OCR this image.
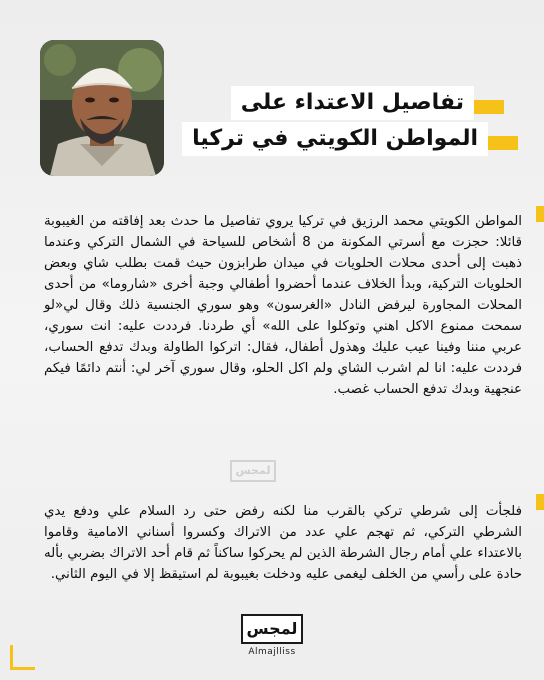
تفاصيل الاعتداء على
المواطن الكويتي في تركيا

المواطن الكويتي محمد الرزيق في تركيا يروي تفاصيل ما حدث بعد إفاقته من الغيبوبة قائلا: حجزت مع أسرتي المكونة من 8 أشخاص للسياحة في الشمال التركي وعندما ذهبت إلى أحدى محلات الحلويات في ميدان طرابزون حيث قمت بطلب شاي وبعض الحلويات التركية، وبدأ الخلاف عندما أحضروا أطفالي وجبة أخرى «شاروما» من أحدى المحلات المجاورة ليرفض النادل «الغرسون» وهو سوري الجنسية ذلك وقال لي«لو سمحت ممنوع الاكل اهني وتوكلوا على الله» أي طردنا. فرددت عليه: انت سوري، عربي مننا وفينا عيب عليك وهذول أطفال، فقال: اتركوا الطاولة وبدك تدفع الحساب، فرددت عليه: انا لم اشرب الشاي ولم اكل الحلو، وقال سوري آخر لي: أنتم دائمًا فيكم عنجهية وبدك تدفع الحساب غصب.

لمجس

فلجأت إلى شرطي تركي بالقرب منا لكنه رفض حتى رد السلام علي ودفع يدي الشرطي التركي، ثم تهجم علي عدد من الاتراك وكسروا أسناني الامامية وقاموا بالاعتداء علي أمام رجال الشرطة الذين لم يحركوا ساكناً ثم قام أحد الاتراك بضربي بأله حادة على رأسي من الخلف ليغمى عليه ودخلت بغيبوبة لم استيقظ إلا في اليوم الثاني.

لمجس
Almajlliss
